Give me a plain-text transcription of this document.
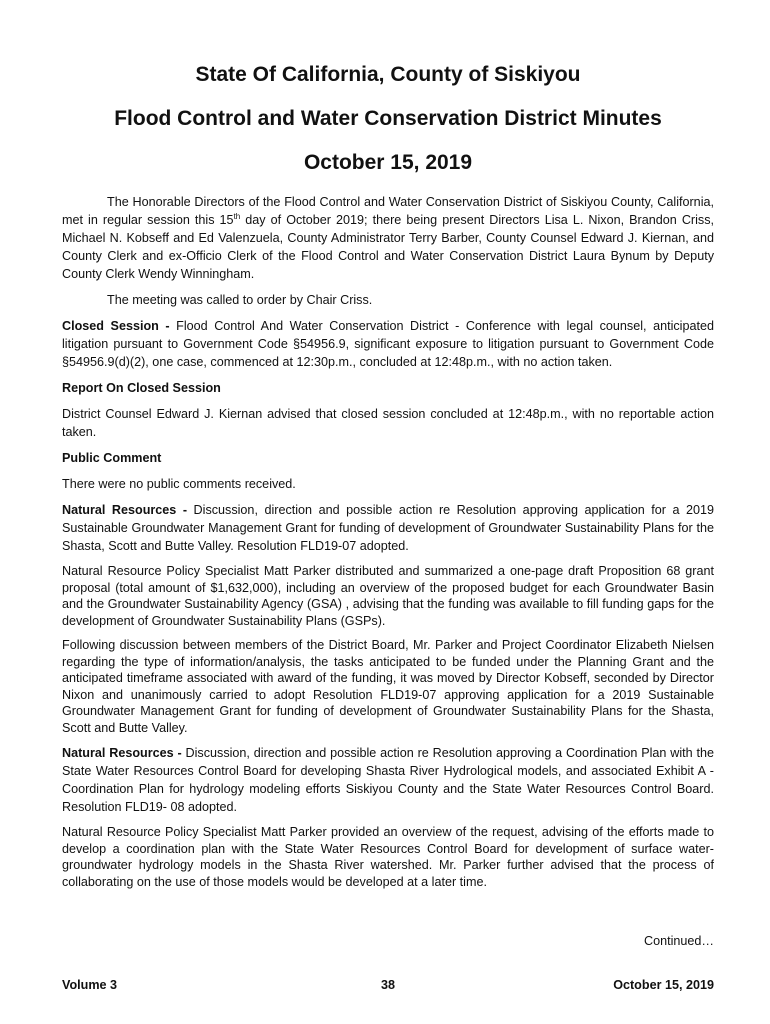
State Of California, County of Siskiyou
Flood Control and Water Conservation District Minutes
October 15, 2019

The Honorable Directors of the Flood Control and Water Conservation District of Siskiyou County, California, met in regular session this 15th day of October 2019; there being present Directors Lisa L. Nixon, Brandon Criss, Michael N. Kobseff and Ed Valenzuela, County Administrator Terry Barber, County Counsel Edward J. Kiernan, and County Clerk and ex-Officio Clerk of the Flood Control and Water Conservation District Laura Bynum by Deputy County Clerk Wendy Winningham.

The meeting was called to order by Chair Criss.

Closed Session - Flood Control And Water Conservation District - Conference with legal counsel, anticipated litigation pursuant to Government Code §54956.9, significant exposure to litigation pursuant to Government Code §54956.9(d)(2), one case, commenced at 12:30p.m., concluded at 12:48p.m., with no action taken.

Report On Closed Session

District Counsel Edward J. Kiernan advised that closed session concluded at 12:48p.m., with no reportable action taken.

Public Comment

There were no public comments received.

Natural Resources - Discussion, direction and possible action re Resolution approving application for a 2019 Sustainable Groundwater Management Grant for funding of development of Groundwater Sustainability Plans for the Shasta, Scott and Butte Valley. Resolution FLD19-07 adopted.

Natural Resource Policy Specialist Matt Parker distributed and summarized a one-page draft Proposition 68 grant proposal (total amount of $1,632,000), including an overview of the proposed budget for each Groundwater Basin and the Groundwater Sustainability Agency (GSA) , advising that the funding was available to fill funding gaps for the development of Groundwater Sustainability Plans (GSPs).

Following discussion between members of the District Board, Mr. Parker and Project Coordinator Elizabeth Nielsen regarding the type of information/analysis, the tasks anticipated to be funded under the Planning Grant and the anticipated timeframe associated with award of the funding, it was moved by Director Kobseff, seconded by Director Nixon and unanimously carried to adopt Resolution FLD19-07 approving application for a 2019 Sustainable Groundwater Management Grant for funding of development of Groundwater Sustainability Plans for the Shasta, Scott and Butte Valley.

Natural Resources - Discussion, direction and possible action re Resolution approving a Coordination Plan with the State Water Resources Control Board for developing Shasta River Hydrological models, and associated Exhibit A - Coordination Plan for hydrology modeling efforts Siskiyou County and the State Water Resources Control Board. Resolution FLD19- 08 adopted.

Natural Resource Policy Specialist Matt Parker provided an overview of the request, advising of the efforts made to develop a coordination plan with the State Water Resources Control Board for development of surface water-groundwater hydrology models in the Shasta River watershed. Mr. Parker further advised that the process of collaborating on the use of those models would be developed at a later time.

Continued…
Volume 3	38	October 15, 2019
